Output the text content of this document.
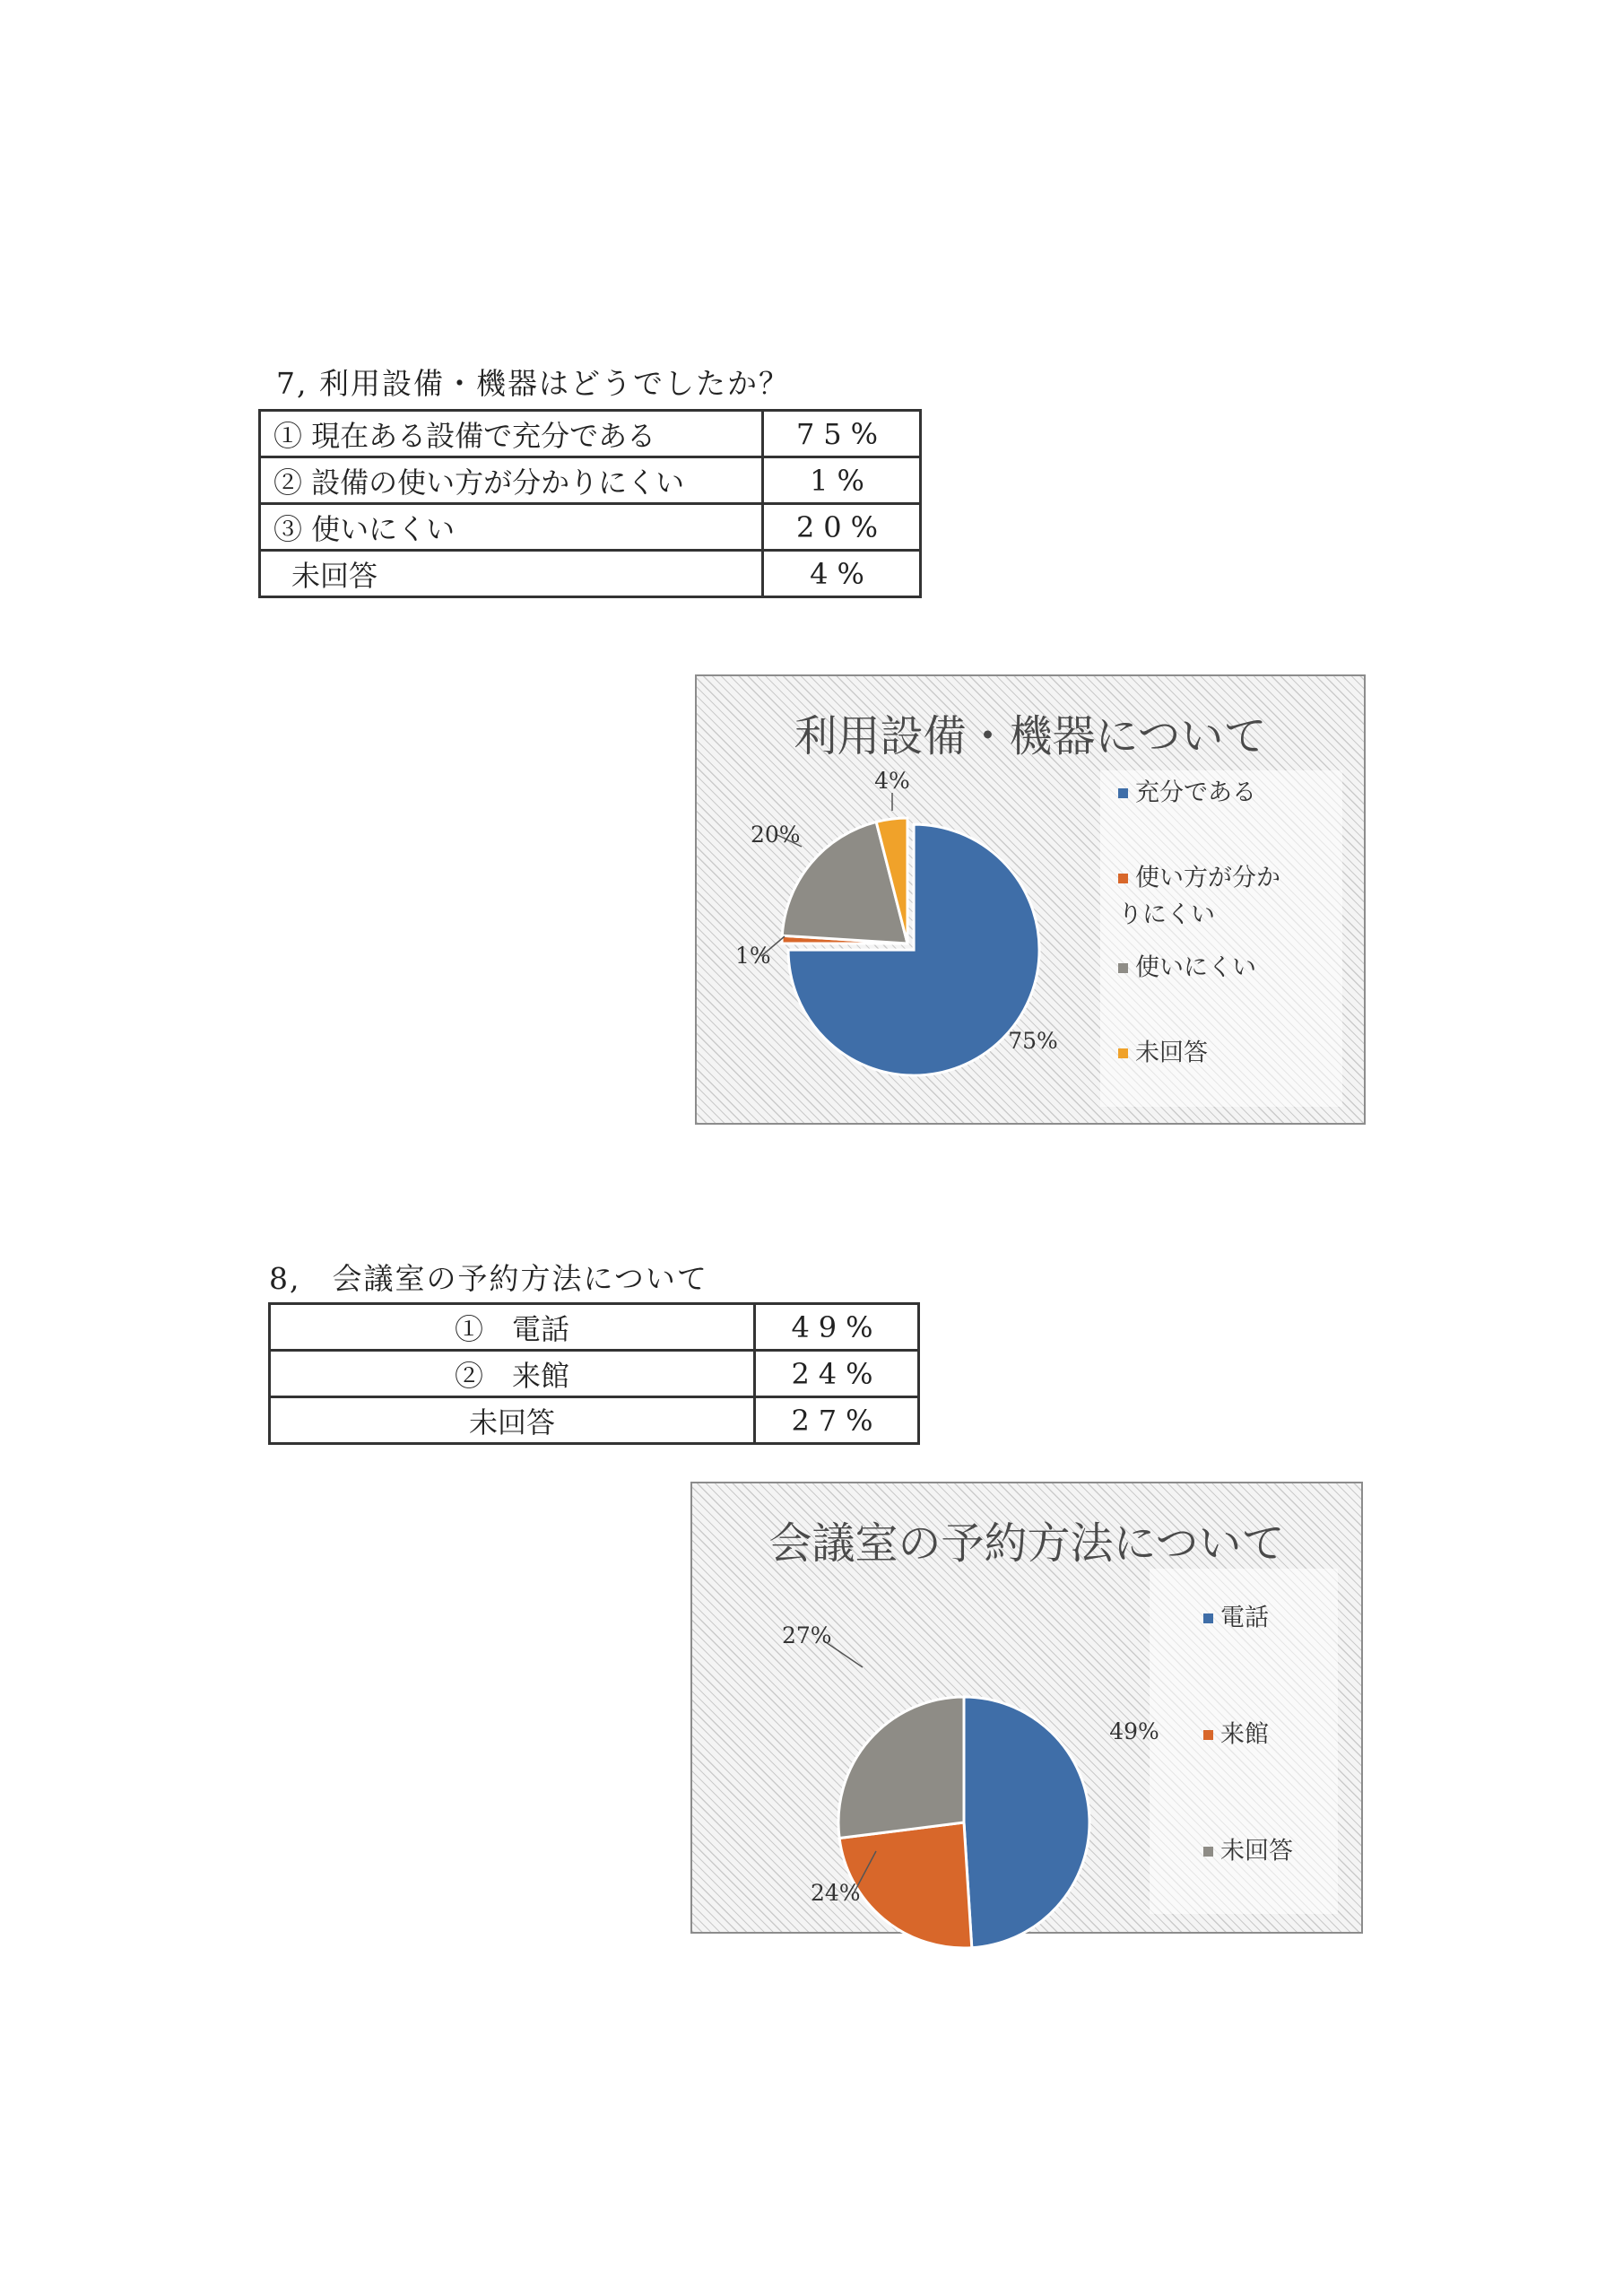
7, 利用設備・機器はどうでしたか？
① 現在ある設備で充分である	75%
② 設備の使い方が分かりにくい	1%
③ 使いにくい	20%
未回答	4%
利用設備・機器について
75%
1%
20%
4%	充分である
使い方が分かりにくい
使いにくい
未回答
8,　会議室の予約方法について
①　電話	49%
②　来館	24%
未回答	27%
会議室の予約方法について
49%
24%
27%
電話
来館
未回答
